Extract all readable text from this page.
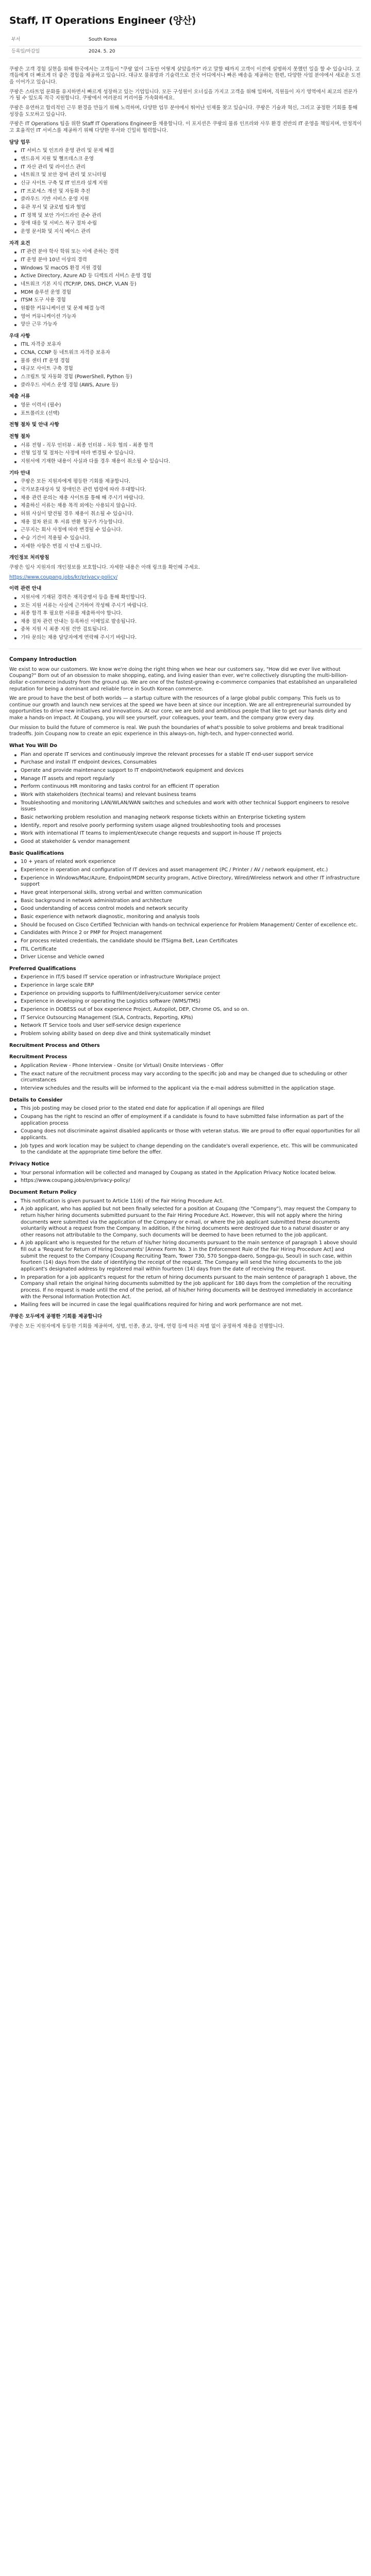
Staff, IT Operations Engineer (양산)
부서	South Korea
등록일/마감일	2024. 5. 20

쿠팡은 고객 경험 실현을 위해 한국에서는 고객들이 "쿠팡 없이 그동안 어떻게 살았을까?" 라고 말할 때까지 고객이 이전에 설명하지 못했던 일을 할 수 있습니다. 고객들에게 더 빠르게 더 좋은 경험을 제공하고 있습니다. 대규모 물류망과 기술력으로 전국 어디에서나 빠른 배송을 제공하는 한편, 다양한 사업 분야에서 새로운 도전을 이어가고 있습니다.

쿠팡은 스타트업 문화를 유지하면서 빠르게 성장하고 있는 기업입니다. 모든 구성원이 오너십을 가지고 고객을 위해 일하며, 직원들이 자기 영역에서 최고의 전문가가 될 수 있도록 적극 지원합니다. 쿠팡에서 여러분의 커리어를 가속화하세요.

쿠팡은 유연하고 합리적인 근무 환경을 만들기 위해 노력하며, 다양한 업무 분야에서 뛰어난 인재를 찾고 있습니다. 쿠팡은 기술과 혁신, 그리고 공정한 기회를 통해 성장을 도모하고 있습니다.

쿠팡은 IT Operations 팀을 위한 Staff IT Operations Engineer를 채용합니다. 이 포지션은 쿠팡의 물류 인프라와 사무 환경 전반의 IT 운영을 책임지며, 안정적이고 효율적인 IT 서비스를 제공하기 위해 다양한 부서와 긴밀히 협력합니다.

담당 업무
IT 서비스 및 인프라 운영 관리 및 문제 해결
엔드유저 지원 및 헬프데스크 운영
IT 자산 관리 및 라이선스 관리
네트워크 및 보안 장비 관리 및 모니터링
신규 사이트 구축 및 IT 인프라 설계 지원
IT 프로세스 개선 및 자동화 추진
클라우드 기반 서비스 운영 지원
유관 부서 및 글로벌 팀과 협업
IT 정책 및 보안 가이드라인 준수 관리
장애 대응 및 서비스 복구 절차 수립
운영 문서화 및 지식 베이스 관리
자격 요건
IT 관련 분야 학사 학위 또는 이에 준하는 경력
IT 운영 분야 10년 이상의 경력
Windows 및 macOS 환경 지원 경험
Active Directory, Azure AD 등 디렉토리 서비스 운영 경험
네트워크 기본 지식 (TCP/IP, DNS, DHCP, VLAN 등)
MDM 솔루션 운영 경험
ITSM 도구 사용 경험
원활한 커뮤니케이션 및 문제 해결 능력
영어 커뮤니케이션 가능자
양산 근무 가능자
우대 사항
ITIL 자격증 보유자
CCNA, CCNP 등 네트워크 자격증 보유자
물류 센터 IT 운영 경험
대규모 사이트 구축 경험
스크립트 및 자동화 경험 (PowerShell, Python 등)
클라우드 서비스 운영 경험 (AWS, Azure 등)
제출 서류
영문 이력서 (필수)
포트폴리오 (선택)
전형 절차 및 안내 사항
전형 절차
서류 전형 - 직무 인터뷰 - 최종 인터뷰 - 처우 협의 - 최종 합격
전형 일정 및 절차는 사정에 따라 변경될 수 있습니다.
지원서에 기재한 내용이 사실과 다를 경우 채용이 취소될 수 있습니다.
기타 안내
쿠팡은 모든 지원자에게 평등한 기회를 제공합니다.
국가보훈대상자 및 장애인은 관련 법령에 따라 우대합니다.
채용 관련 문의는 채용 사이트를 통해 해 주시기 바랍니다.
제출하신 서류는 채용 목적 외에는 사용되지 않습니다.
허위 사실이 발견될 경우 채용이 취소될 수 있습니다.
채용 절차 완료 후 서류 반환 청구가 가능합니다.
근무지는 회사 사정에 따라 변경될 수 있습니다.
수습 기간이 적용될 수 있습니다.
자세한 사항은 면접 시 안내 드립니다.
개인정보 처리방침

쿠팡은 입사 지원자의 개인정보를 보호합니다. 자세한 내용은 아래 링크를 확인해 주세요.

https://www.coupang.jobs/kr/privacy-policy/

이력 관련 안내
지원서에 기재된 경력은 재직증명서 등을 통해 확인합니다.
모든 지원 서류는 사실에 근거하여 작성해 주시기 바랍니다.
최종 합격 후 필요한 서류를 제출하셔야 합니다.
채용 절차 관련 안내는 등록하신 이메일로 발송됩니다.
중복 지원 시 최종 지원 건만 검토됩니다.
기타 문의는 채용 담당자에게 연락해 주시기 바랍니다.
Company Introduction

We exist to wow our customers. We know we're doing the right thing when we hear our customers say, "How did we ever live without Coupang?" Born out of an obsession to make shopping, eating, and living easier than ever, we're collectively disrupting the multi-billion-dollar e-commerce industry from the ground up. We are one of the fastest-growing e-commerce companies that established an unparalleled reputation for being a dominant and reliable force in South Korean commerce.

We are proud to have the best of both worlds — a startup culture with the resources of a large global public company. This fuels us to continue our growth and launch new services at the speed we have been at since our inception. We are all entrepreneurial surrounded by opportunities to drive new initiatives and innovations. At our core, we are bold and ambitious people that like to get our hands dirty and make a hands-on impact. At Coupang, you will see yourself, your colleagues, your team, and the company grow every day.

Our mission to build the future of commerce is real. We push the boundaries of what's possible to solve problems and break traditional tradeoffs. Join Coupang now to create an epic experience in this always-on, high-tech, and hyper-connected world.

What You Will Do
Plan and operate IT services and continuously improve the relevant processes for a stable IT end-user support service
Purchase and install IT endpoint devices, Consumables
Operate and provide maintenance support to IT endpoint/network equipment and devices
Manage IT assets and report regularly
Perform continuous HR monitoring and tasks control for an efficient IT operation
Work with stakeholders (technical teams) and relevant business teams
Troubleshooting and monitoring LAN/WLAN/WAN switches and schedules and work with other technical Support engineers to resolve issues
Basic networking problem resolution and managing network response tickets within an Enterprise ticketing system
Identify, report and resolve poorly performing system usage aligned troubleshooting tools and processes
Work with international IT teams to implement/execute change requests and support in-house IT projects
Good at stakeholder & vendor management
Basic Qualifications
10 + years of related work experience
Experience in operation and configuration of IT devices and asset management (PC / Printer / AV / network equipment, etc.)
Experience in Windows/Mac/Azure, Endpoint/MDM security program, Active Directory, Wired/Wireless network and other IT infrastructure support
Have great interpersonal skills, strong verbal and written communication
Basic background in network administration and architecture
Good understanding of access control models and network security
Basic experience with network diagnostic, monitoring and analysis tools
Should be focused on Cisco Certified Technician with hands-on technical experience for Problem Management/ Center of excellence etc.
Candidates with Prince 2 or PMP for Project management
For process related credentials, the candidate should be ITSigma Belt, Lean Certificates
ITIL Certificate
Driver License and Vehicle owned
Preferred Qualifications
Experience in IT/S based IT service operation or infrastructure Workplace project
Experience in large scale ERP
Experience on providing supports to fulfillment/delivery/customer service center
Experience in developing or operating the Logistics software (WMS/TMS)
Experience in DOBESS out of box experience Project, Autopilot, DEP, Chrome OS, and so on.
IT Service Outsourcing Management (SLA, Contracts, Reporting, KPIs)
Network IT Service tools and User self-service design experience
Problem solving ability based on deep dive and think systematically mindset
Recruitment Process and Others
Recruitment Process
Application Review - Phone Interview - Onsite (or Virtual) Onsite Interviews - Offer
The exact nature of the recruitment process may vary according to the specific job and may be changed due to scheduling or other circumstances
Interview schedules and the results will be informed to the applicant via the e-mail address submitted in the application stage.
Details to Consider
This job posting may be closed prior to the stated end date for application if all openings are filled
Coupang has the right to rescind an offer of employment if a candidate is found to have submitted false information as part of the application process
Coupang does not discriminate against disabled applicants or those with veteran status. We are proud to offer equal opportunities for all applicants.
Job types and work location may be subject to change depending on the candidate's overall experience, etc. This will be communicated to the candidate at the appropriate time before the offer.
Privacy Notice
Your personal information will be collected and managed by Coupang as stated in the Application Privacy Notice located below.
https://www.coupang.jobs/en/privacy-policy/
Document Return Policy
This notification is given pursuant to Article 11(6) of the Fair Hiring Procedure Act.
A job applicant, who has applied but not been finally selected for a position at Coupang (the "Company"), may request the Company to return his/her hiring documents submitted pursuant to the Fair Hiring Procedure Act. However, this will not apply where the hiring documents were submitted via the application of the Company or e-mail, or where the job applicant submitted these documents voluntarily without a request from the Company. In addition, if the hiring documents were destroyed due to a natural disaster or any other reasons not attributable to the Company, such documents will be deemed to have been returned to the job applicant.
A job applicant who is requested for the return of his/her hiring documents pursuant to the main sentence of paragraph 1 above should fill out a 'Request for Return of Hiring Documents' [Annex Form No. 3 in the Enforcement Rule of the Fair Hiring Procedure Act] and submit the request to the Company (Coupang Recruiting Team, Tower 730, 570 Songpa-daero, Songpa-gu, Seoul) in such case, within fourteen (14) days from the date of identifying the receipt of the request. The Company will send the hiring documents to the job applicant's designated address by registered mail within fourteen (14) days from the date of receiving the request.
In preparation for a job applicant's request for the return of hiring documents pursuant to the main sentence of paragraph 1 above, the Company shall retain the original hiring documents submitted by the job applicant for 180 days from the completion of the recruiting process. If no request is made until the end of the period, all of his/her hiring documents will be destroyed immediately in accordance with the Personal Information Protection Act.
Mailing fees will be incurred in case the legal qualifications required for hiring and work performance are not met.
쿠팡은 모두에게 공평한 기회를 제공합니다

쿠팡은 모든 지원자에게 동등한 기회를 제공하며, 성별, 인종, 종교, 장애, 연령 등에 따른 차별 없이 공정하게 채용을 진행합니다.
